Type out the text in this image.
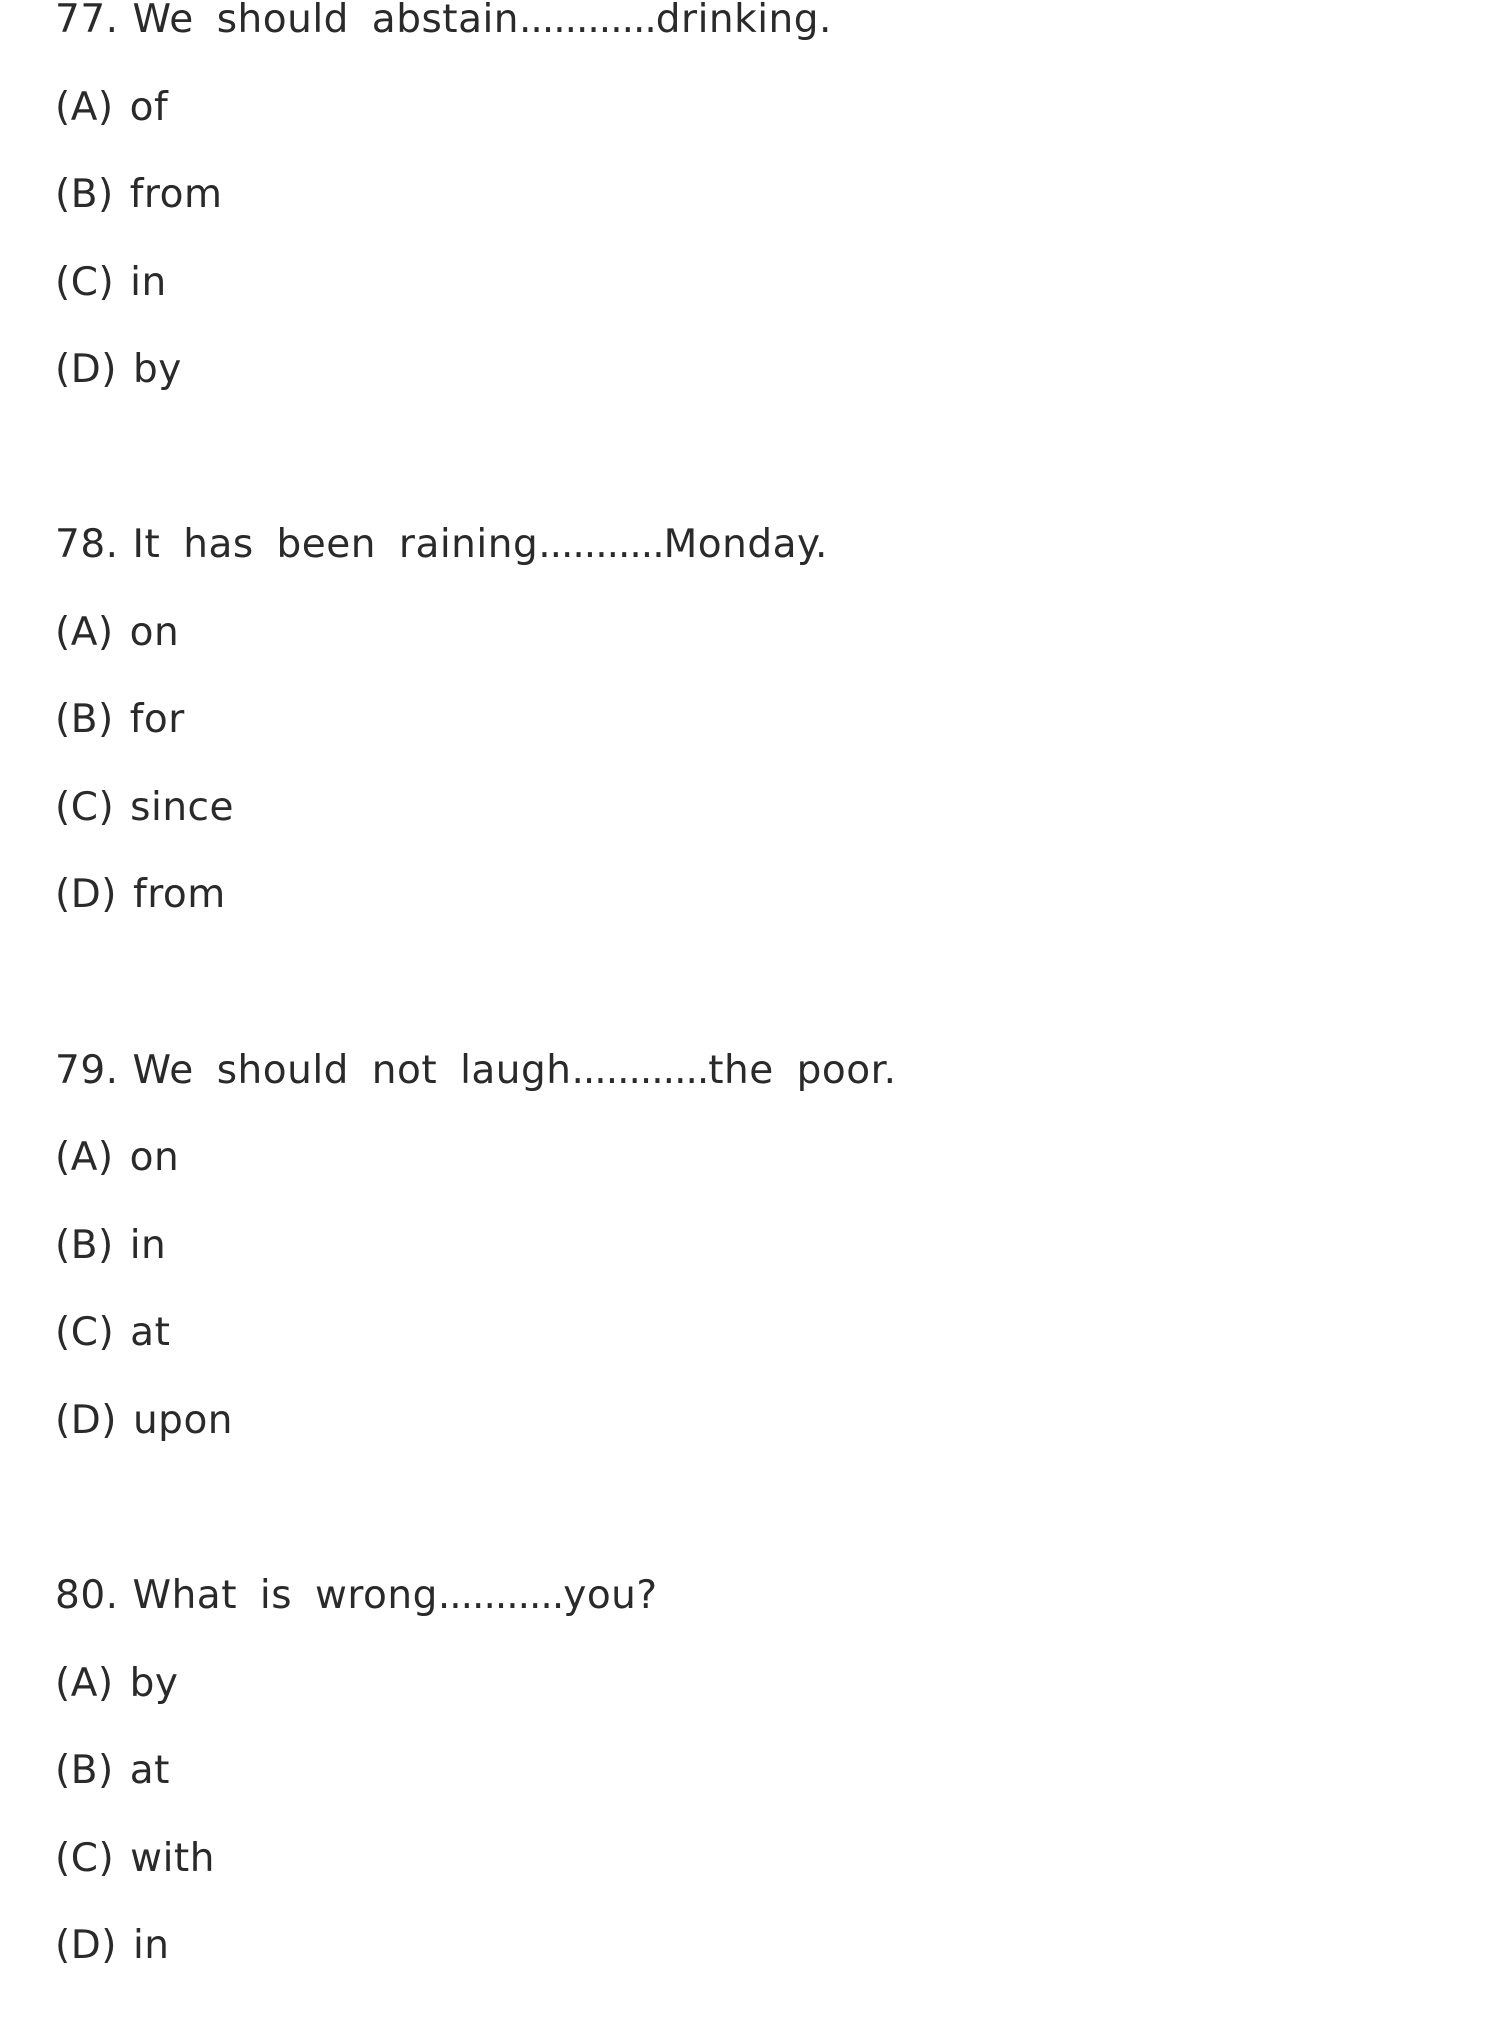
77. We should abstain............drinking.
(A) of
(B) from
(C) in
(D) by
78. It has been raining...........Monday.
(A) on
(B) for
(C) since
(D) from
79. We should not laugh............the poor.
(A) on
(B) in
(C) at
(D) upon
80. What is wrong...........you?
(A) by
(B) at
(C) with
(D) in
